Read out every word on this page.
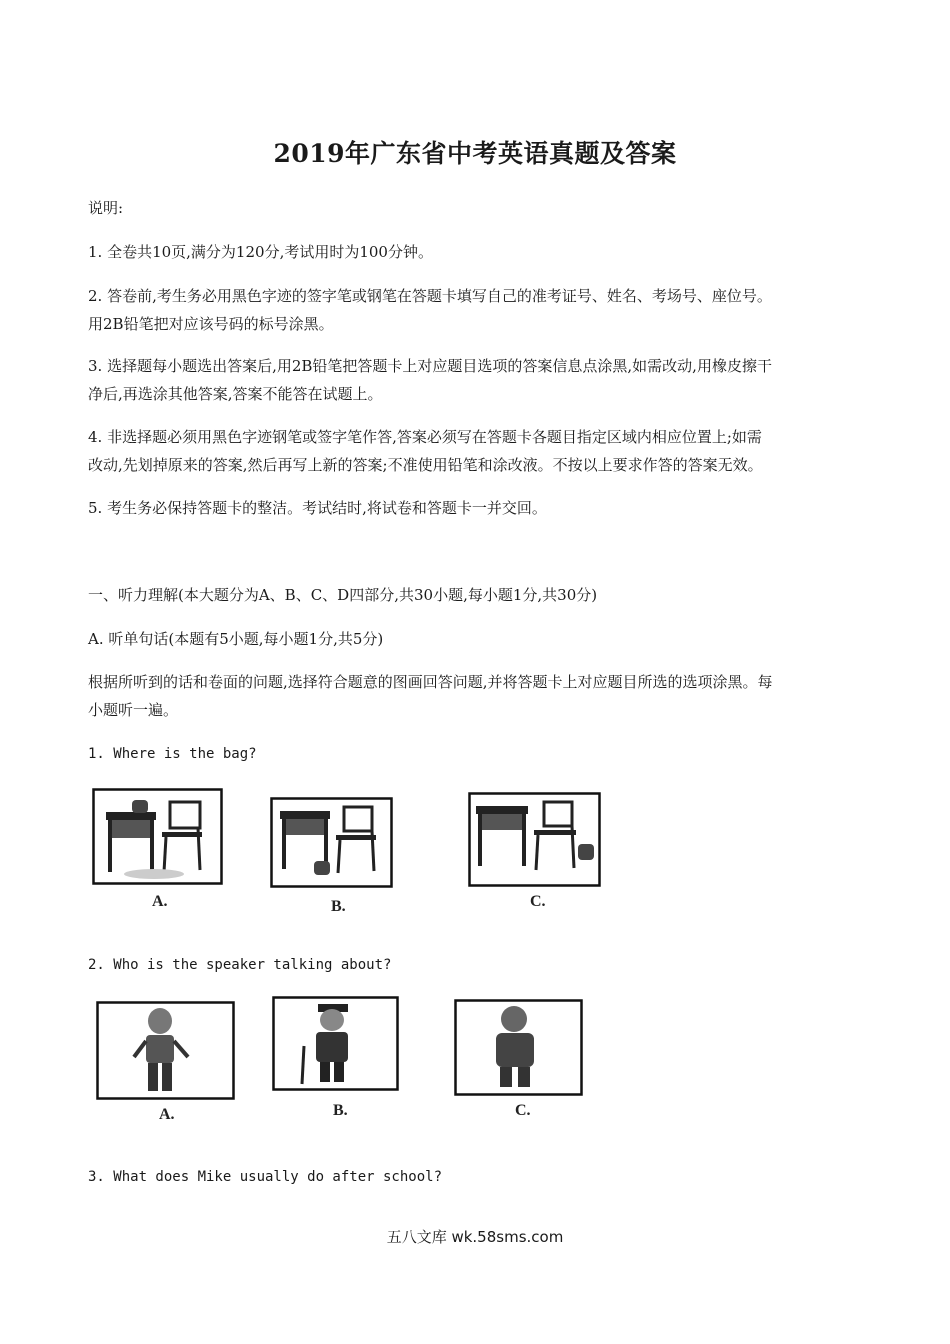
2019年广东省中考英语真题及答案
说明:
1. 全卷共10页,满分为120分,考试用时为100分钟。
2. 答卷前,考生务必用黑色字迹的签字笔或钢笔在答题卡填写自己的准考证号、姓名、考场号、座位号。
用2B铅笔把对应该号码的标号涂黑。
3. 选择题每小题选出答案后,用2B铅笔把答题卡上对应题目选项的答案信息点涂黑,如需改动,用橡皮擦干
净后,再选涂其他答案,答案不能答在试题上。
4. 非选择题必须用黑色字迹钢笔或签字笔作答,答案必须写在答题卡各题目指定区域内相应位置上;如需
改动,先划掉原来的答案,然后再写上新的答案;不准使用铅笔和涂改液。不按以上要求作答的答案无效。
5. 考生务必保持答题卡的整洁。考试结时,将试卷和答题卡一并交回。
一、听力理解(本大题分为A、B、C、D四部分,共30小题,每小题1分,共30分)
A. 听单句话(本题有5小题,每小题1分,共5分)
根据所听到的话和卷面的问题,选择符合题意的图画回答问题,并将答题卡上对应题目所选的选项涂黑。每
小题听一遍。
1. Where is the bag?
A.	B.	C.
2. Who is the speaker talking about?
A.	B.	C.
3. What does Mike usually do after school?
五八文库 wk.58sms.com
